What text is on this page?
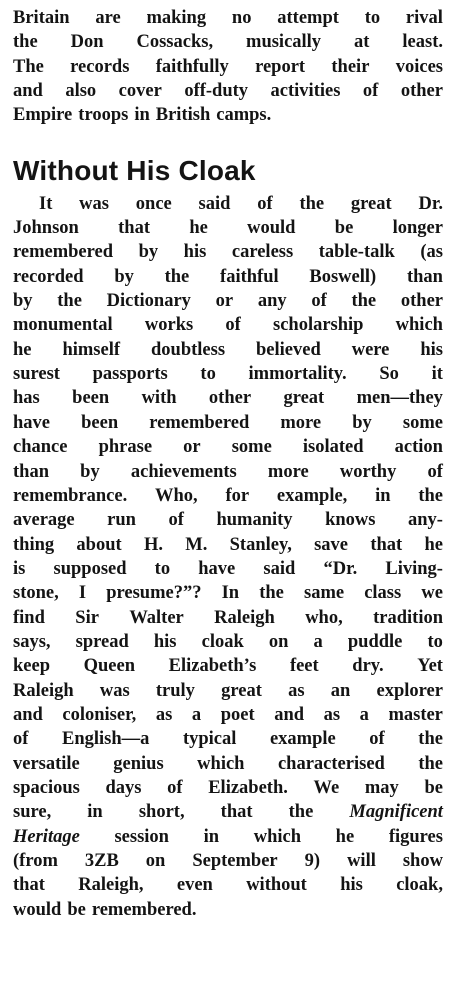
Britain are making no attempt to rival
the Don Cossacks, musically at least.
The records faithfully report their voices
and also cover off-duty activities of other
Empire troops in British camps.
Without His Cloak
It was once said of the great Dr.
Johnson that he would be longer
remembered by his careless table-talk (as
recorded by the faithful Boswell) than
by the Dictionary or any of the other
monumental works of scholarship which
he himself doubtless believed were his
surest passports to immortality. So it
has been with other great men—they
have been remembered more by some
chance phrase or some isolated action
than by achievements more worthy of
remembrance. Who, for example, in the
average run of humanity knows any-
thing about H. M. Stanley, save that he
is supposed to have said “Dr. Living-
stone, I presume?”? In the same class we
find Sir Walter Raleigh who, tradition
says, spread his cloak on a puddle to
keep Queen Elizabeth’s feet dry. Yet
Raleigh was truly great as an explorer
and coloniser, as a poet and as a master
of English—a typical example of the
versatile genius which characterised the
spacious days of Elizabeth. We may be
sure, in short, that the Magnificent
Heritage session in which he figures
(from 3ZB on September 9) will show
that Raleigh, even without his cloak,
would be remembered.
